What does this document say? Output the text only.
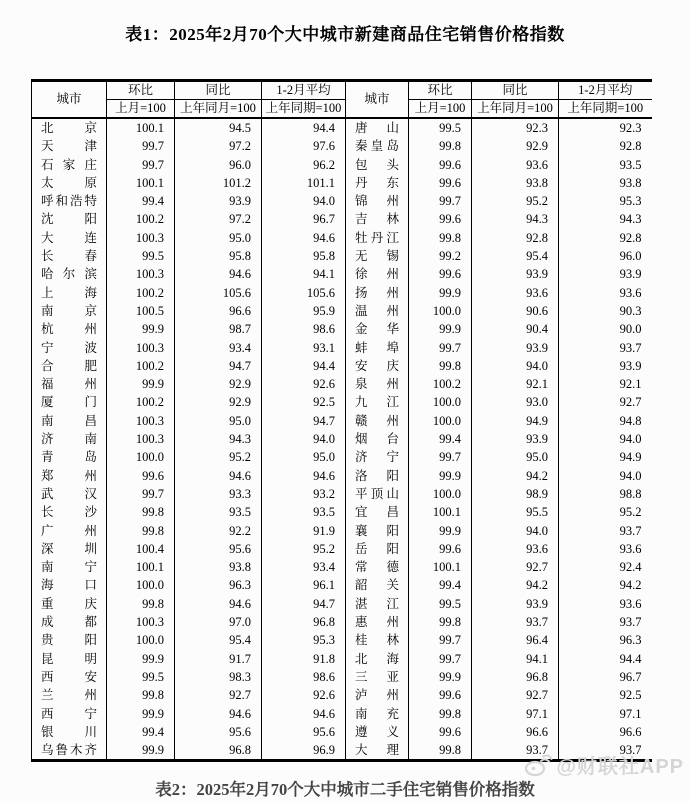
表1：2025年2月70个大中城市新建商品住宅销售价格指数
城市	环比	同比	1-2月平均	城市	环比	同比	1-2月平均
	上月=100	上年同月=100	上年同期=100		上月=100	上年同月=100	上年同期=100
北京	100.1	94.5	94.4	唐山	99.5	92.3	92.3
天津	99.7	97.2	97.6	秦皇岛	99.8	92.9	92.8
石家庄	99.7	96.0	96.2	包头	99.6	93.6	93.5
太原	100.1	101.2	101.1	丹东	99.6	93.8	93.8
呼和浩特	99.4	93.9	94.0	锦州	99.7	95.2	95.3
沈阳	100.2	97.2	96.7	吉林	99.6	94.3	94.3
大连	100.3	95.0	94.6	牡丹江	99.8	92.8	92.8
长春	99.5	95.8	95.8	无锡	99.2	95.4	96.0
哈尔滨	100.3	94.6	94.1	徐州	99.6	93.9	93.9
上海	100.2	105.6	105.6	扬州	99.9	93.6	93.6
南京	100.5	96.6	95.9	温州	100.0	90.6	90.3
杭州	99.9	98.7	98.6	金华	99.9	90.4	90.0
宁波	100.3	93.4	93.1	蚌埠	99.7	93.9	93.7
合肥	100.2	94.7	94.4	安庆	99.8	94.0	93.9
福州	99.9	92.9	92.6	泉州	100.2	92.1	92.1
厦门	100.2	92.9	92.5	九江	100.0	93.0	92.7
南昌	100.3	95.0	94.7	赣州	100.0	94.9	94.8
济南	100.3	94.3	94.0	烟台	99.4	93.9	94.0
青岛	100.0	95.2	95.0	济宁	99.7	95.0	94.9
郑州	99.6	94.6	94.6	洛阳	99.9	94.2	94.0
武汉	99.7	93.3	93.2	平顶山	100.0	98.9	98.8
长沙	99.8	93.5	93.5	宜昌	100.1	95.5	95.2
广州	99.8	92.2	91.9	襄阳	99.9	94.0	93.7
深圳	100.4	95.6	95.2	岳阳	99.6	93.6	93.6
南宁	100.1	93.8	93.4	常德	100.1	92.7	92.4
海口	100.0	96.3	96.1	韶关	99.4	94.2	94.2
重庆	99.8	94.6	94.7	湛江	99.5	93.9	93.6
成都	100.3	97.0	96.8	惠州	99.8	93.7	93.7
贵阳	100.0	95.4	95.3	桂林	99.7	96.4	96.3
昆明	99.9	91.7	91.8	北海	99.7	94.1	94.4
西安	99.5	98.3	98.6	三亚	99.9	96.8	96.7
兰州	99.8	92.7	92.6	泸州	99.6	92.7	92.5
西宁	99.9	94.6	94.6	南充	99.8	97.1	97.1
银川	99.4	95.6	95.6	遵义	99.6	96.6	96.6
乌鲁木齐	99.9	96.8	96.9	大理	99.8	93.7	93.7
@财联社APP
表2：2025年2月70个大中城市二手住宅销售价格指数
